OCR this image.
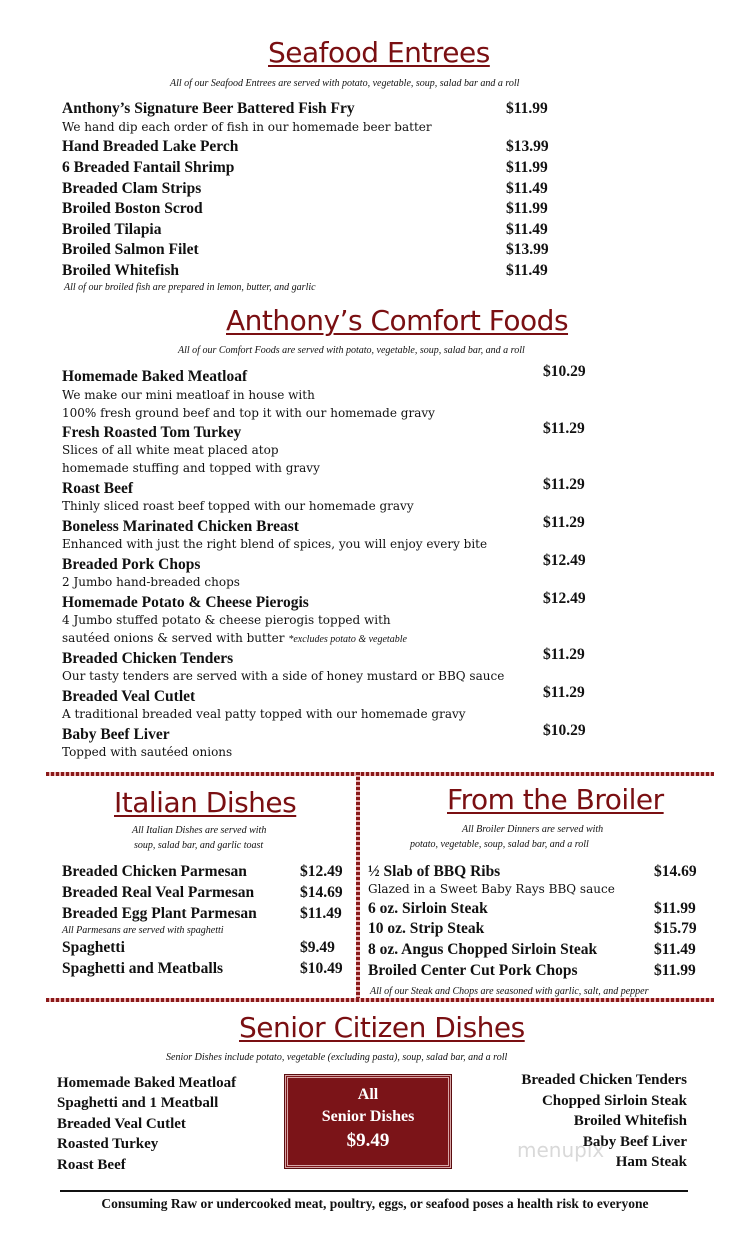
Seafood Entrees
All of our Seafood Entrees are served with potato, vegetable, soup, salad bar and a roll
Anthony’s Signature Beer Battered Fish Fry	$11.99
We hand dip each order of fish in our homemade beer batter
Hand Breaded Lake Perch	$13.99
6 Breaded Fantail Shrimp	$11.99
Breaded Clam Strips	$11.49
Broiled Boston Scrod	$11.99
Broiled Tilapia	$11.49
Broiled Salmon Filet	$13.99
Broiled Whitefish	$11.49
All of our broiled fish are prepared in lemon, butter, and garlic
Anthony’s Comfort Foods
All of our Comfort Foods are served with potato, vegetable, soup, salad bar, and a roll
Homemade Baked Meatloaf	$10.29
We make our mini meatloaf in house with
100% fresh ground beef and top it with our homemade gravy
Fresh Roasted Tom Turkey	$11.29
Slices of all white meat placed atop
homemade stuffing and topped with gravy
Roast Beef	$11.29
Thinly sliced roast beef topped with our homemade gravy
Boneless Marinated Chicken Breast	$11.29
Enhanced with just the right blend of spices, you will enjoy every bite
Breaded Pork Chops	$12.49
2 Jumbo hand-breaded chops
Homemade Potato & Cheese Pierogis	$12.49
4 Jumbo stuffed potato & cheese pierogis topped with
sautéed onions & served with butter *excludes potato & vegetable
Breaded Chicken Tenders	$11.29
Our tasty tenders are served with a side of honey mustard or BBQ sauce
Breaded Veal Cutlet	$11.29
A traditional breaded veal patty topped with our homemade gravy
Baby Beef Liver	$10.29
Topped with sautéed onions
Italian Dishes
All Italian Dishes are served with
soup, salad bar, and garlic toast
Breaded Chicken Parmesan	$12.49
Breaded Real Veal Parmesan	$14.69
Breaded Egg Plant Parmesan	$11.49
All Parmesans are served with spaghetti
Spaghetti	$9.49
Spaghetti and Meatballs	$10.49
From the Broiler
All Broiler Dinners are served with
potato, vegetable, soup, salad bar, and a roll
½ Slab of BBQ Ribs	$14.69
Glazed in a Sweet Baby Rays BBQ sauce
6 oz. Sirloin Steak	$11.99
10 oz. Strip Steak	$15.79
8 oz. Angus Chopped Sirloin Steak	$11.49
Broiled Center Cut Pork Chops	$11.99
All of our Steak and Chops are seasoned with garlic, salt, and pepper
Senior Citizen Dishes
Senior Dishes include potato, vegetable (excluding pasta), soup, salad bar, and a roll
Homemade Baked Meatloaf
Spaghetti and 1 Meatball
Breaded Veal Cutlet
Roasted Turkey
Roast Beef
All
Senior Dishes
$9.49
Breaded Chicken Tenders
Chopped Sirloin Steak
Broiled Whitefish
Baby Beef Liver
Ham Steak
menupix
Consuming Raw or undercooked meat, poultry, eggs, or seafood poses a health risk to everyone
